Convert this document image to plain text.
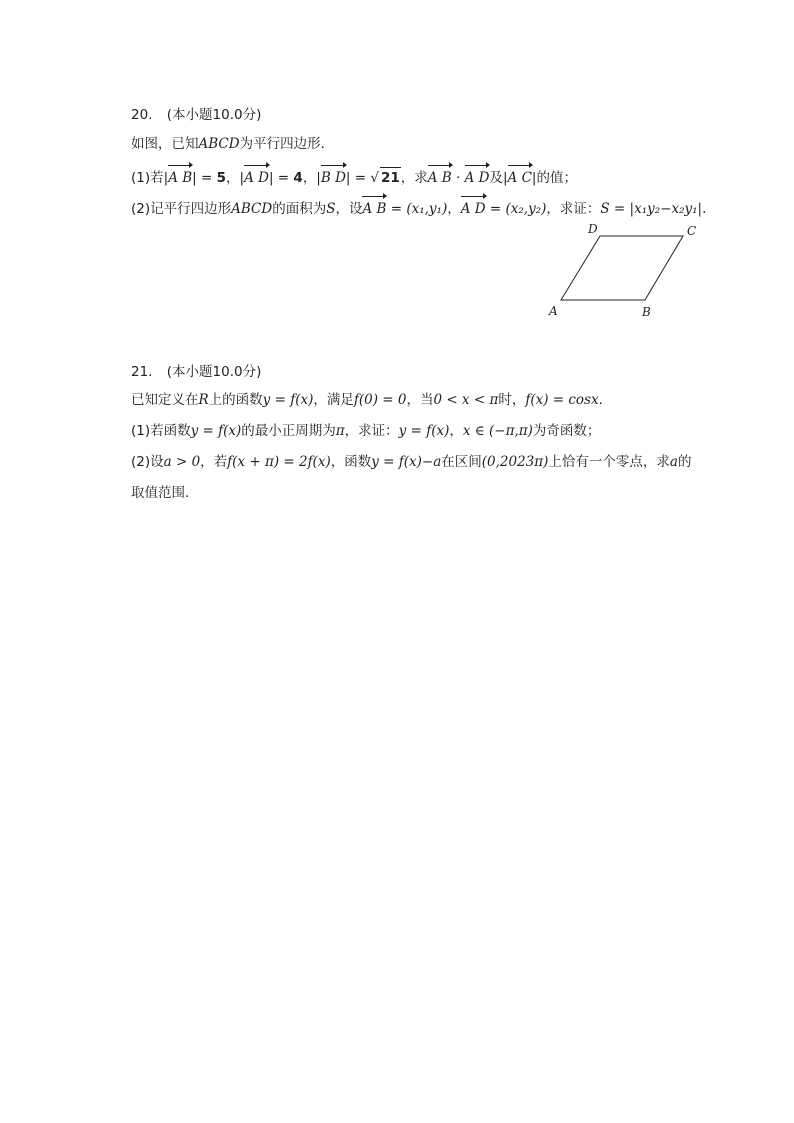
20. (本小题10.0分)
如图，已知ABCD为平行四边形．
(1)若|A B| = 5，|A D| = 4，|B D| = √ 21，求A B · A D及|A C|的值；
(2)记平行四边形ABCD的面积为S，设A B = (x₁,y₁)，A D = (x₂,y₂)，求证：S = |x₁y₂−x₂y₁|.
A	B
C
D
21. (本小题10.0分)
已知定义在R上的函数y = f(x)，满足f(0) = 0，当0 < x < π时，f(x) = cosx.
(1)若函数y = f(x)的最小正周期为π，求证：y = f(x)，x ∈ (−π,π)为奇函数；
(2)设a > 0，若f(x + π) = 2f(x)，函数y = f(x)−a在区间(0,2023π)上恰有一个零点，求a的
取值范围．
